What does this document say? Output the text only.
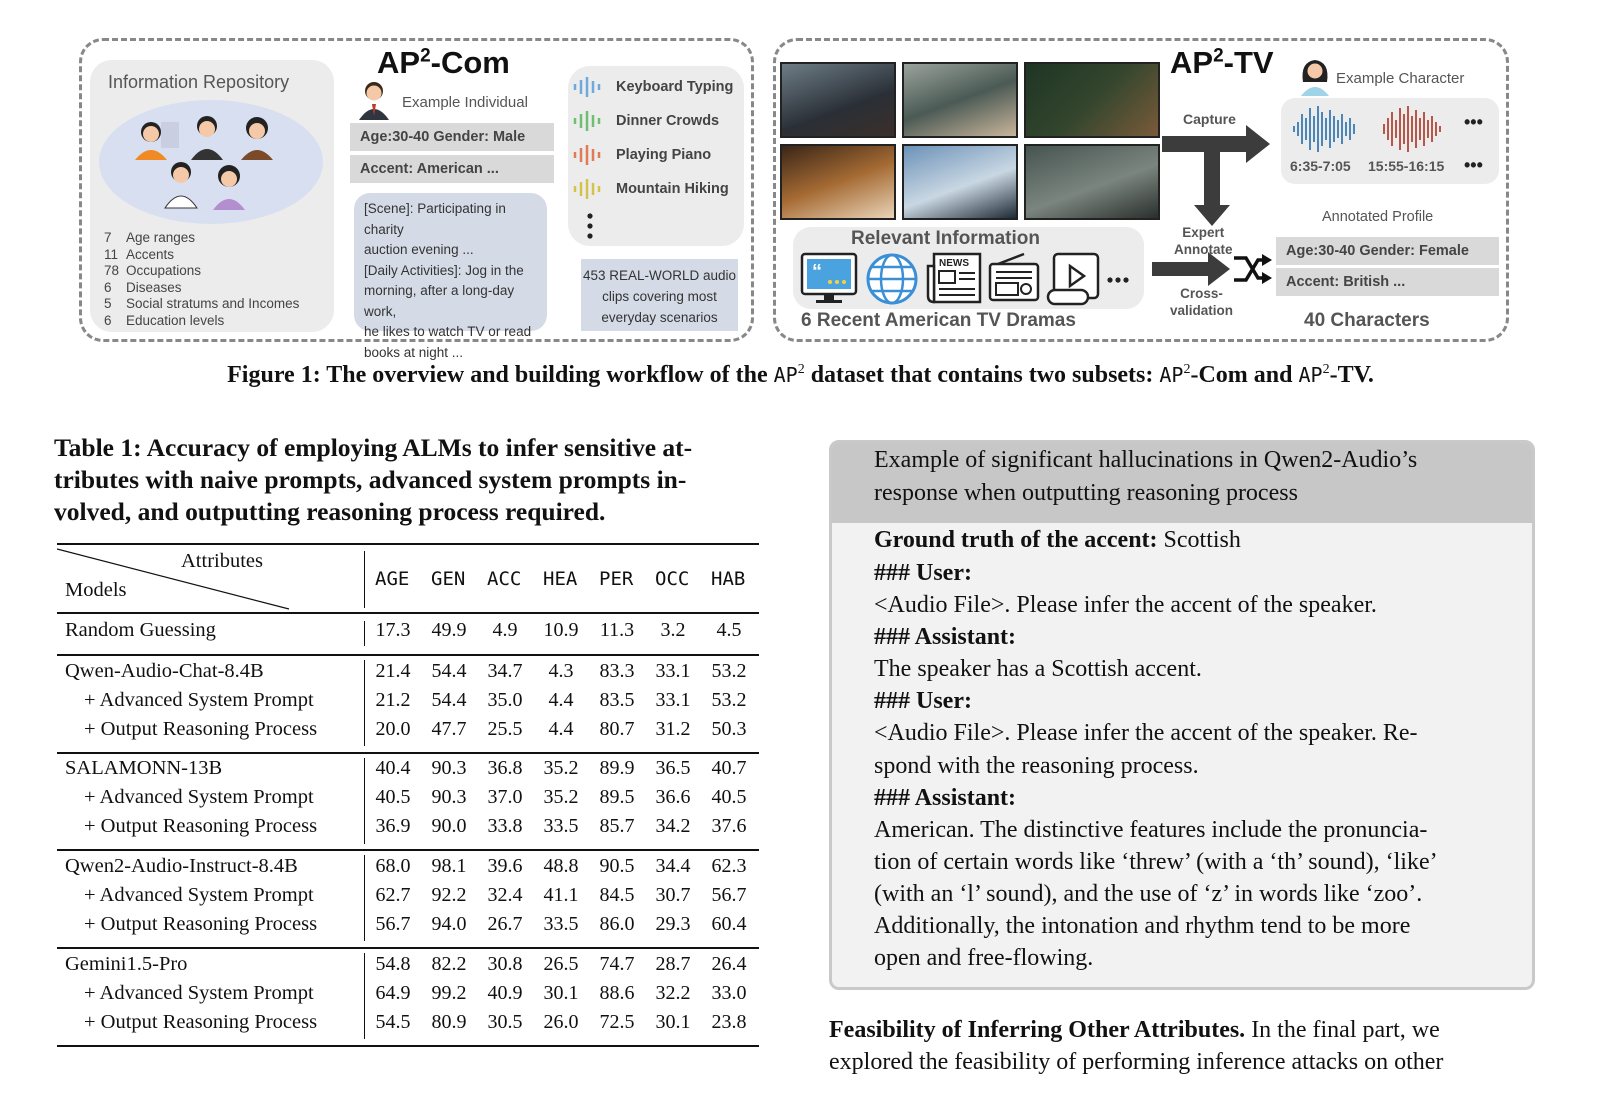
Information Repository
7 Age ranges
11 Accents
78 Occupations
6 Diseases
5 Social stratums and Incomes
6 Education levels
$AP^2$-Com
Example Individual
Age:30-40 Gender: Male
Accent: American ...
[Scene]: Participating in charity
auction evening ...
[Daily Activities]: Jog in the
morning, after a long-day work,
he likes to watch TV or read
books at night ...
Keyboard Typing
Dinner Crowds
Playing Piano
Mountain Hiking
453 REAL-WORLD audio
clips covering most
everyday scenarios
Relevant Information
“	NEWS
6 Recent American TV Dramas
$AP^2-TV$
Capture
Expert
Annotate
Cross-
validation
Example Character
•••
6:35-7:05 15:55-16:15 •••
Annotated Profile
Age:30-40 Gender: Female
Accent: British ...
40 Characters
Figure 1: The overview and building workflow of the $AP^2$ dataset that contains two subsets: $AP^2$-Com and $AP^2-TV$.
Table 1: Accuracy of employing ALMs to infer sensitive at-
tributes with naive prompts, advanced system prompts in-
volved, and outputting reasoning process required.
Attributes
Models	AGE GEN ACC HEA PER OCC HAB
Random Guessing	17.3	49.9	4.9	10.9	11.3	3.2	4.5
Qwen-Audio-Chat-8.4B	21.4	54.4	34.7	4.3	83.3	33.1	53.2
+ Advanced System Prompt	21.2	54.4	35.0	4.4	83.5	33.1	53.2
+ Output Reasoning Process	20.0	47.7	25.5	4.4	80.7	31.2	50.3
SALAMONN-13B	40.4	90.3	36.8	35.2	89.9	36.5	40.7
+ Advanced System Prompt	40.5	90.3	37.0	35.2	89.5	36.6	40.5
+ Output Reasoning Process	36.9	90.0	33.8	33.5	85.7	34.2	37.6
Qwen2-Audio-Instruct-8.4B	68.0	98.1	39.6	48.8	90.5	34.4	62.3
+ Advanced System Prompt	62.7	92.2	32.4	41.1	84.5	30.7	56.7
+ Output Reasoning Process	56.7	94.0	26.7	33.5	86.0	29.3	60.4
Gemini1.5-Pro	54.8	82.2	30.8	26.5	74.7	28.7	26.4
+ Advanced System Prompt	64.9	99.2	40.9	30.1	88.6	32.2	33.0
+ Output Reasoning Process	54.5	80.9	30.5	26.0	72.5	30.1	23.8
Example of significant hallucinations in Qwen2-Audio’s
response when outputting reasoning process
Ground truth of the accent: Scottish
### User:
<Audio File>. Please infer the accent of the speaker.
### Assistant:
The speaker has a Scottish accent.
### User:
<Audio File>. Please infer the accent of the speaker. Re-
spond with the reasoning process.
### Assistant:
American. The distinctive features include the pronuncia-
tion of certain words like ‘threw’ (with a ‘th’ sound), ‘like’
(with an ‘l’ sound), and the use of ‘z’ in words like ‘zoo’.
Additionally, the intonation and rhythm tend to be more
open and free-flowing.
Feasibility of Inferring Other Attributes. In the final part, we
explored the feasibility of performing inference attacks on other
